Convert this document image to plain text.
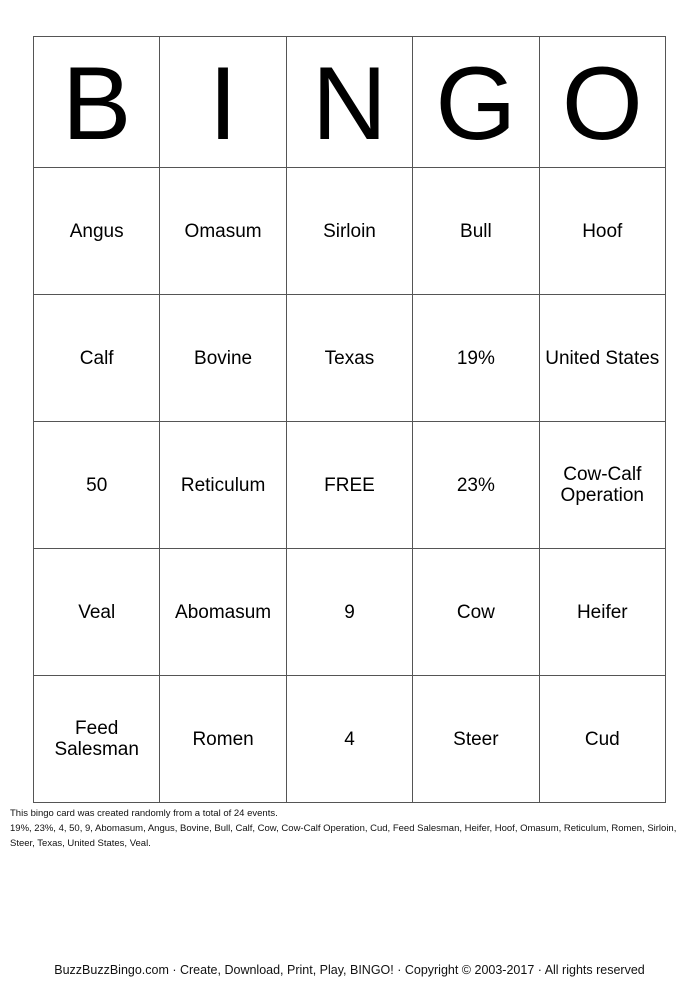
B	I	N	G	O
Angus	Omasum	Sirloin	Bull	Hoof
Calf	Bovine	Texas	19%	United States
50	Reticulum	FREE	23%	Cow-Calf Operation
Veal	Abomasum	9	Cow	Heifer
Feed Salesman	Romen	4	Steer	Cud
This bingo card was created randomly from a total of 24 events.
19%, 23%, 4, 50, 9, Abomasum, Angus, Bovine, Bull, Calf, Cow, Cow-Calf Operation, Cud, Feed Salesman, Heifer, Hoof, Omasum, Reticulum, Romen, Sirloin, Steer, Texas, United States, Veal.
BuzzBuzzBingo.com · Create, Download, Print, Play, BINGO! · Copyright © 2003-2017 · All rights reserved
